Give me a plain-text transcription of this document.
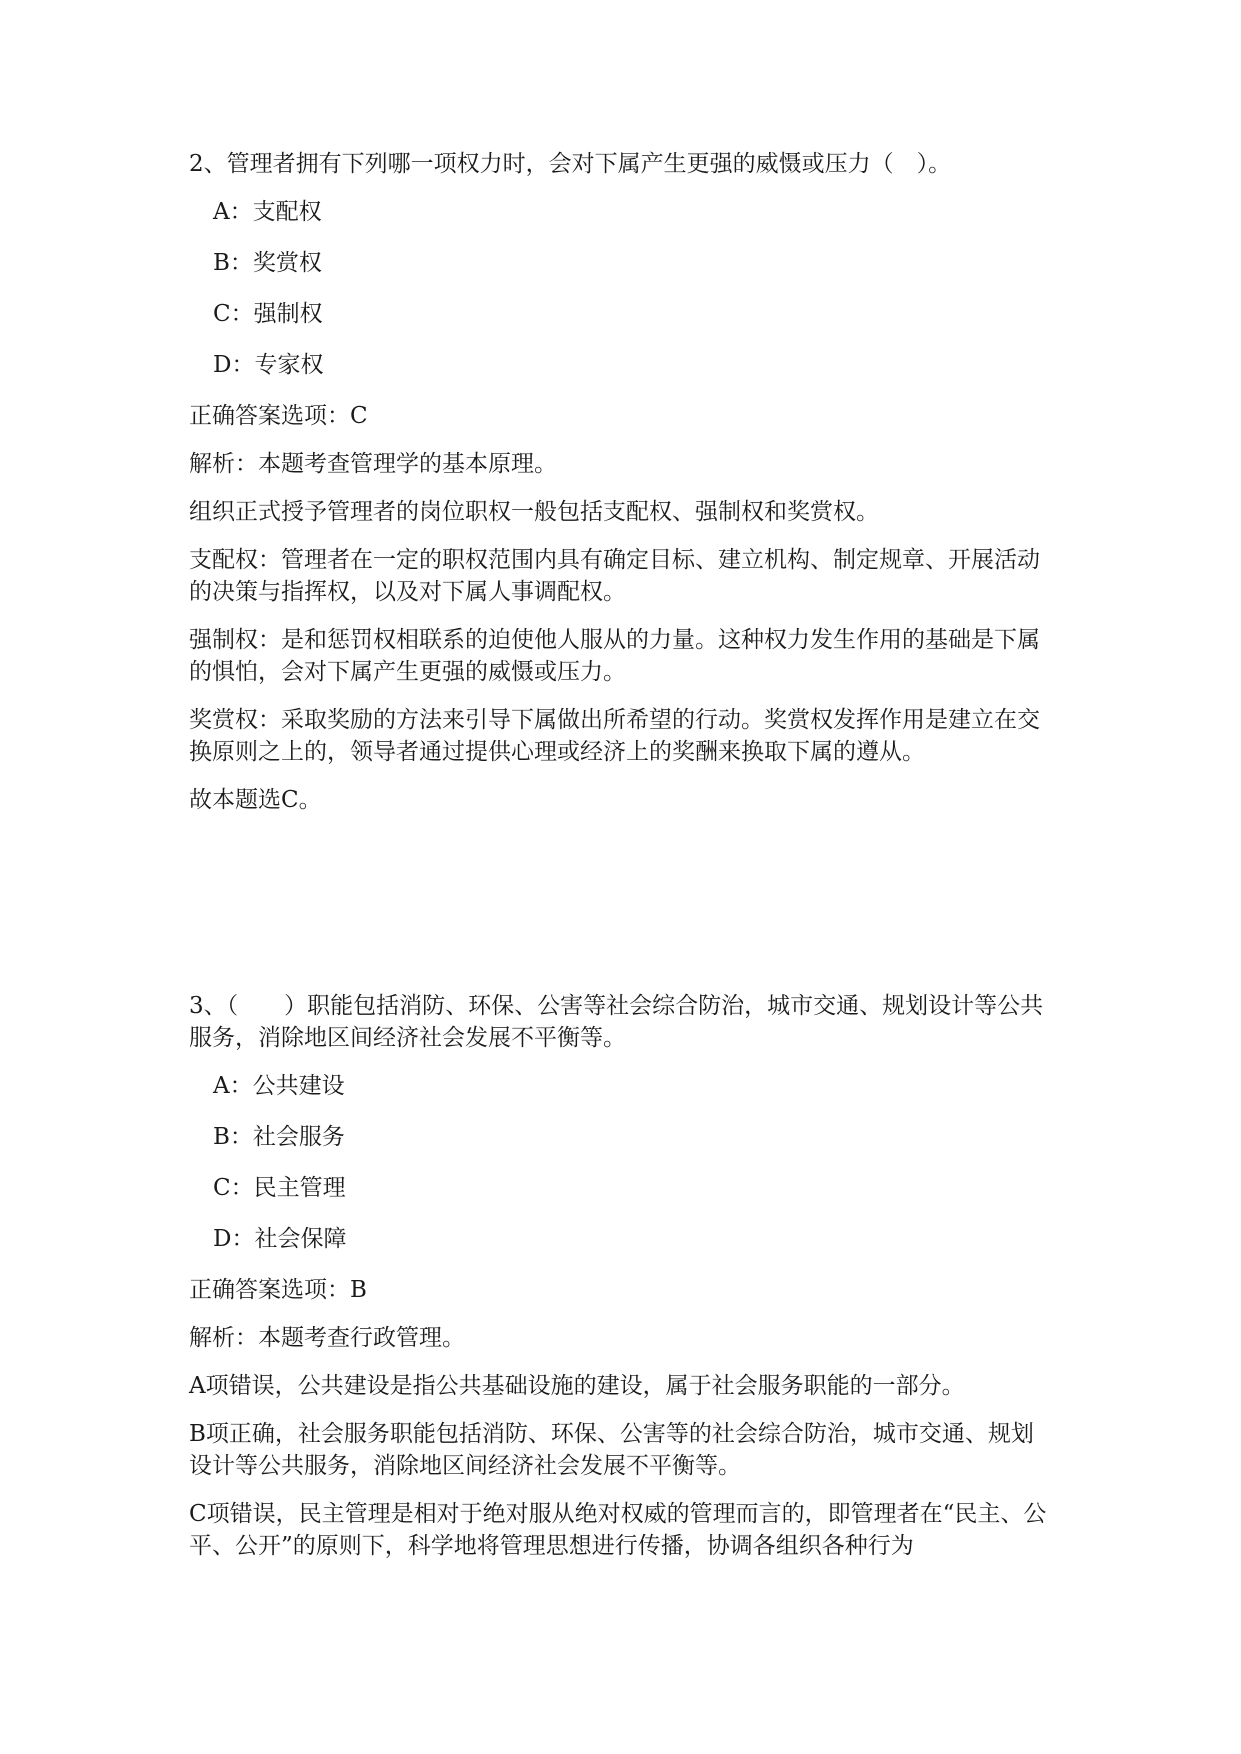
2、管理者拥有下列哪一项权力时，会对下属产生更强的威慑或压力（　）。

A：支配权

B：奖赏权

C：强制权

D：专家权

正确答案选项：C

解析：本题考查管理学的基本原理。

组织正式授予管理者的岗位职权一般包括支配权、强制权和奖赏权。

支配权：管理者在一定的职权范围内具有确定目标、建立机构、制定规章、开展活动的决策与指挥权，以及对下属人事调配权。

强制权：是和惩罚权相联系的迫使他人服从的力量。这种权力发生作用的基础是下属的惧怕，会对下属产生更强的威慑或压力。

奖赏权：采取奖励的方法来引导下属做出所希望的行动。奖赏权发挥作用是建立在交换原则之上的，领导者通过提供心理或经济上的奖酬来换取下属的遵从。

故本题选C。

3、（　　）职能包括消防、环保、公害等社会综合防治，城市交通、规划设计等公共服务，消除地区间经济社会发展不平衡等。

A：公共建设

B：社会服务

C：民主管理

D：社会保障

正确答案选项：B

解析：本题考查行政管理。

A项错误，公共建设是指公共基础设施的建设，属于社会服务职能的一部分。

B项正确，社会服务职能包括消防、环保、公害等的社会综合防治，城市交通、规划设计等公共服务，消除地区间经济社会发展不平衡等。

C项错误，民主管理是相对于绝对服从绝对权威的管理而言的，即管理者在“民主、公平、公开”的原则下，科学地将管理思想进行传播，协调各组织各种行为
